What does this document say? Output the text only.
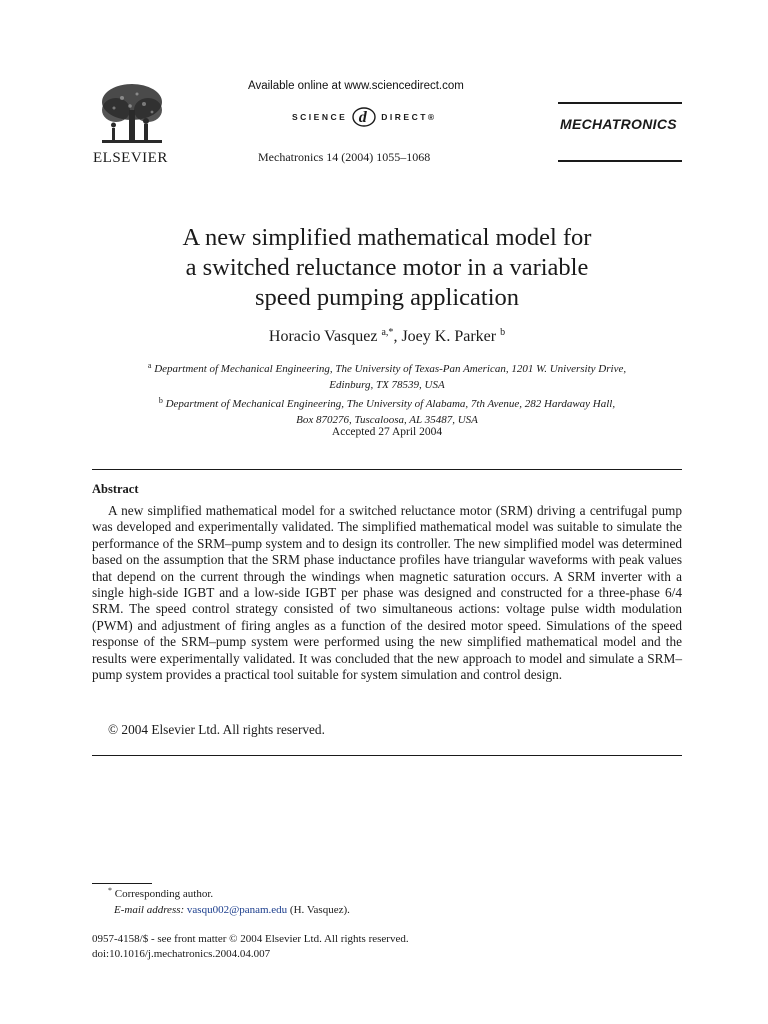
ELSEVIER
Available online at www.sciencedirect.com
SCIENCE d DIRECT®
Mechatronics 14 (2004) 1055–1068
MECHATRONICS
A new simplified mathematical model for
a switched reluctance motor in a variable
speed pumping application
Horacio Vasquez $^{a,*}$, Joey K. Parker $^b$
$^a$ Department of Mechanical Engineering, The University of Texas-Pan American, 1201 W. University Drive,
Edinburg, TX 78539, USA
$^b$ Department of Mechanical Engineering, The University of Alabama, 7th Avenue, 282 Hardaway Hall,
Box 870276, Tuscaloosa, AL 35487, USA
Accepted 27 April 2004
Abstract

A new simplified mathematical model for a switched reluctance motor (SRM) driving a centrifugal pump was developed and experimentally validated. The simplified mathematical model was suitable to simulate the performance of the SRM–pump system and to design its controller. The new simplified model was determined based on the assumption that the SRM phase inductance profiles have triangular waveforms with peak values that depend on the current through the windings when magnetic saturation occurs. A SRM inverter with a single high-side IGBT and a low-side IGBT per phase was designed and constructed for a three-phase 6/4 SRM. The speed control strategy consisted of two simultaneous actions: voltage pulse width modulation (PWM) and adjustment of firing angles as a function of the desired motor speed. Simulations of the speed response of the SRM–pump system were performed using the new simplified mathematical model and the results were experimentally validated. It was concluded that the new approach to model and simulate a SRM–pump system provides a practical tool suitable for system simulation and control design.

© 2004 Elsevier Ltd. All rights reserved.
* Corresponding author.
E-mail address: vasqu002@panam.edu (H. Vasquez).
0957-4158/$ - see front matter © 2004 Elsevier Ltd. All rights reserved.
doi:10.1016/j.mechatronics.2004.04.007
